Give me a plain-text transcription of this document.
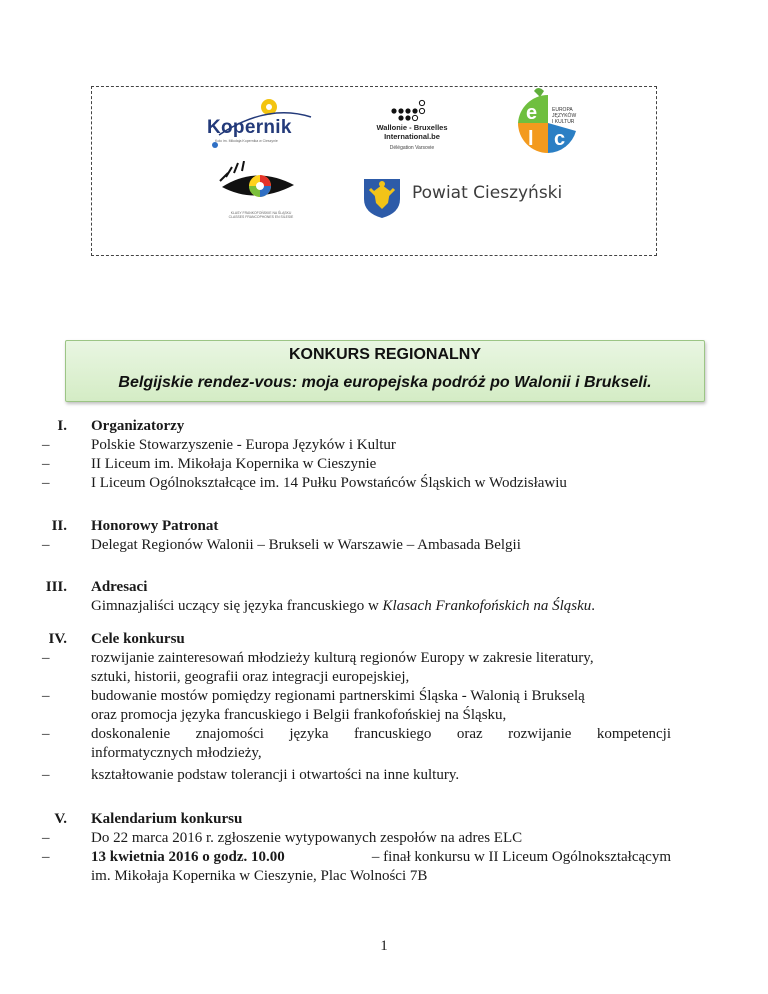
Kopernik
Koło im. Mikołaja Kopernika w Cieszynie
Wallonie - Bruxelles
International.be
Délégation Varsovie
e
l c
EUROPA
JĘZYKÓW
I KULTUR
KLASY FRANKOFOŃSKIE NA ŚLĄSKU
CLASSES FRANCOPHONES EN SILESIE
Powiat Cieszyński
KONKURS REGIONALNY
Belgijskie rendez-vous: moja europejska podróż po Walonii i Brukseli.
I. Organizatorzy
–	Polskie Stowarzyszenie - Europa Języków i Kultur
–	II Liceum im. Mikołaja Kopernika w Cieszynie
–	I Liceum Ogólnokształcące im. 14 Pułku Powstańców Śląskich w Wodzisławiu
II. Honorowy Patronat
–	Delegat Regionów Walonii – Brukseli w Warszawie – Ambasada Belgii
III. Adresaci
Gimnazjaliści uczący się języka francuskiego w Klasach Frankofońskich na Śląsku.
IV. Cele konkursu
–	rozwijanie zainteresowań młodzieży kulturą regionów Europy w zakresie literatury,
sztuki, historii, geografii oraz integracji europejskiej,
–	budowanie mostów pomiędzy regionami partnerskimi Śląska - Walonią i Brukselą
oraz promocja języka francuskiego i Belgii frankofońskiej na Śląsku,
–	doskonalenie znajomości języka francuskiego oraz rozwijanie kompetencji
informatycznych młodzieży,
–	kształtowanie podstaw tolerancji i otwartości na inne kultury.
V. Kalendarium konkursu
–	Do 22 marca 2016 r. zgłoszenie wytypowanych zespołów na adres ELC
–	13 kwietnia 2016 o godz. 10.00	– finał konkursu w II Liceum Ogólnokształcącym
im. Mikołaja Kopernika w Cieszynie, Plac Wolności 7B
1
